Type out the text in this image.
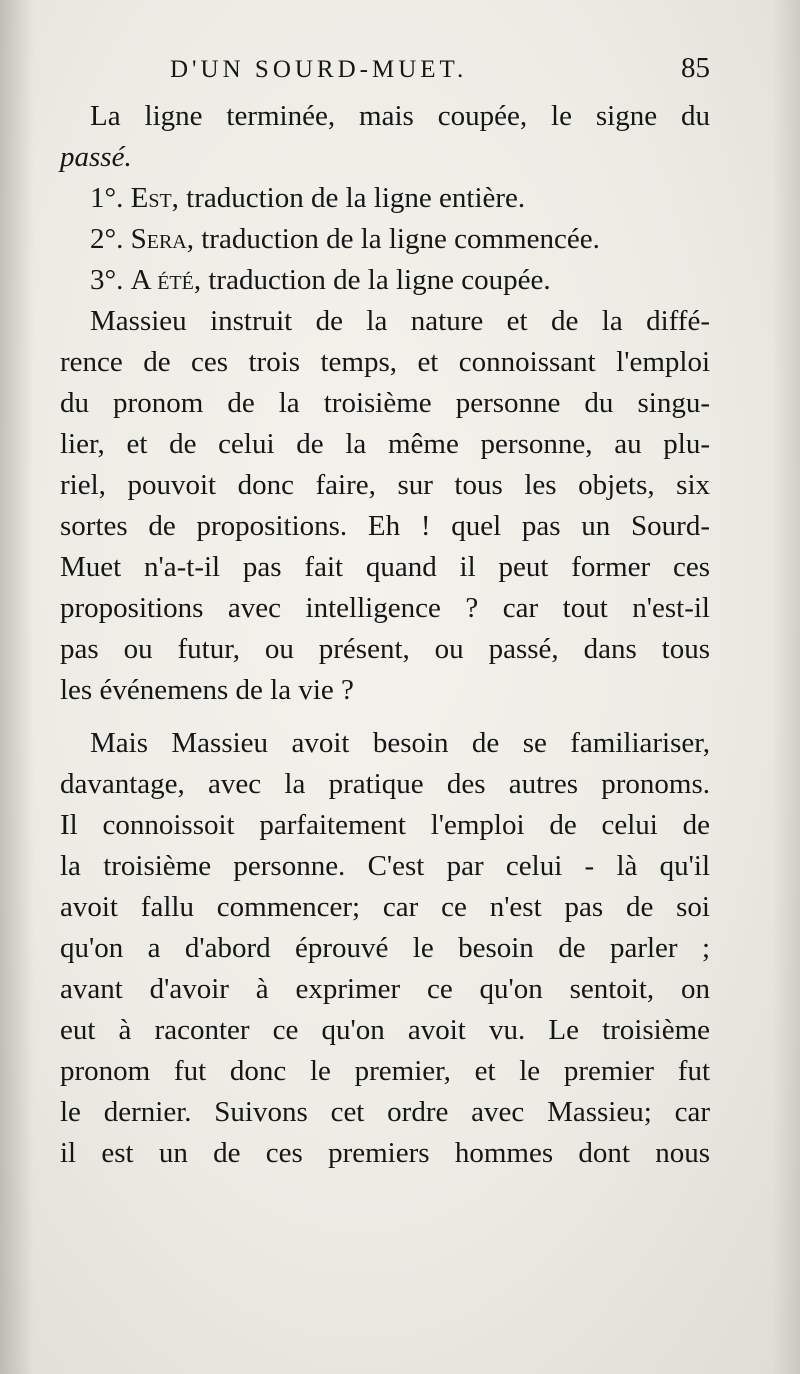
D'UN SOURD-MUET.	85
La ligne terminée, mais coupée, le signe du
passé.
1°. Est, traduction de la ligne entière.
2°. Sera, traduction de la ligne commencée.
3°. A été, traduction de la ligne coupée.
Massieu instruit de la nature et de la diffé-
rence de ces trois temps, et connoissant l'emploi
du pronom de la troisième personne du singu-
lier, et de celui de la même personne, au plu-
riel, pouvoit donc faire, sur tous les objets, six
sortes de propositions. Eh ! quel pas un Sourd-
Muet n'a-t-il pas fait quand il peut former ces
propositions avec intelligence ? car tout n'est-il
pas ou futur, ou présent, ou passé, dans tous
les événemens de la vie ?
Mais Massieu avoit besoin de se familiariser,
davantage, avec la pratique des autres pronoms.
Il connoissoit parfaitement l'emploi de celui de
la troisième personne. C'est par celui - là qu'il
avoit fallu commencer; car ce n'est pas de soi
qu'on a d'abord éprouvé le besoin de parler ;
avant d'avoir à exprimer ce qu'on sentoit, on
eut à raconter ce qu'on avoit vu. Le troisième
pronom fut donc le premier, et le premier fut
le dernier. Suivons cet ordre avec Massieu; car
il est un de ces premiers hommes dont nous
